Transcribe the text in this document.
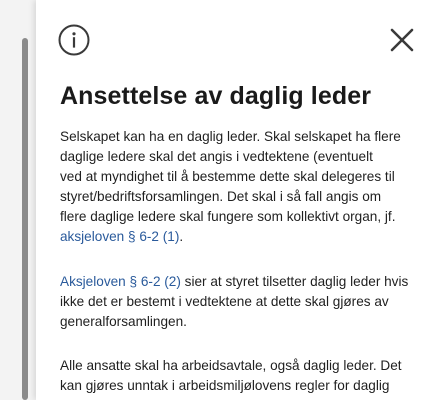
Ansettelse av daglig leder

Selskapet kan ha en daglig leder. Skal selskapet ha flere
daglige ledere skal det angis i vedtektene (eventuelt
ved at myndighet til å bestemme dette skal delegeres til
styret/bedriftsforsamlingen. Det skal i så fall angis om
flere daglige ledere skal fungere som kollektivt organ, jf.
aksjeloven § 6-2 (1).

Aksjeloven § 6-2 (2) sier at styret tilsetter daglig leder hvis
ikke det er bestemt i vedtektene at dette skal gjøres av
generalforsamlingen.

Alle ansatte skal ha arbeidsavtale, også daglig leder. Det
kan gjøres unntak i arbeidsmiljølovens regler for daglig
